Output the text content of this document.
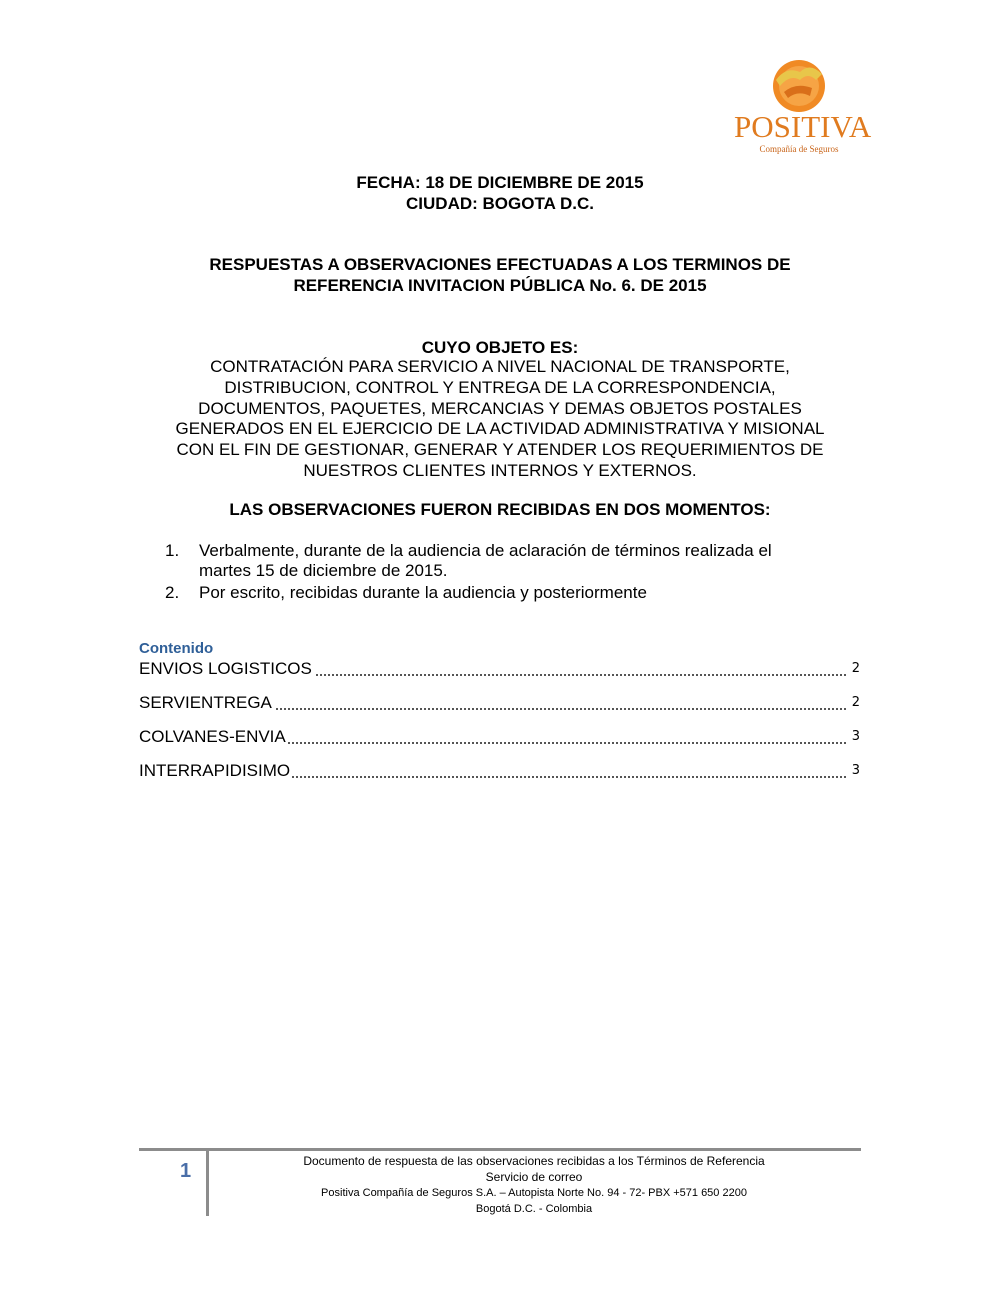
POSITIVA
Compañía de Seguros
FECHA: 18 DE DICIEMBRE DE 2015
CIUDAD: BOGOTA D.C.
RESPUESTAS A OBSERVACIONES EFECTUADAS A LOS TERMINOS DE
REFERENCIA INVITACION PÚBLICA No. 6. DE 2015
CUYO OBJETO ES:
CONTRATACIÓN PARA SERVICIO A NIVEL NACIONAL DE TRANSPORTE,
DISTRIBUCION, CONTROL Y ENTREGA DE LA CORRESPONDENCIA,
DOCUMENTOS, PAQUETES, MERCANCIAS Y DEMAS OBJETOS POSTALES
GENERADOS EN EL EJERCICIO DE LA ACTIVIDAD ADMINISTRATIVA Y MISIONAL
CON EL FIN DE GESTIONAR, GENERAR Y ATENDER LOS REQUERIMIENTOS DE
NUESTROS CLIENTES INTERNOS Y EXTERNOS.
LAS OBSERVACIONES FUERON RECIBIDAS EN DOS MOMENTOS:
1.	Verbalmente, durante de la audiencia de aclaración de términos realizada el
martes 15 de diciembre de 2015.
2.	Por escrito, recibidas durante la audiencia y posteriormente
Contenido
ENVIOS LOGISTICOS	2
SERVIENTREGA	2
COLVANES-ENVIA	3
INTERRAPIDISIMO	3
1	Documento de respuesta de las observaciones recibidas a los Términos de Referencia
Servicio de correo
Positiva Compañía de Seguros S.A. – Autopista Norte No. 94 - 72- PBX +571 650 2200
Bogotá D.C. - Colombia
